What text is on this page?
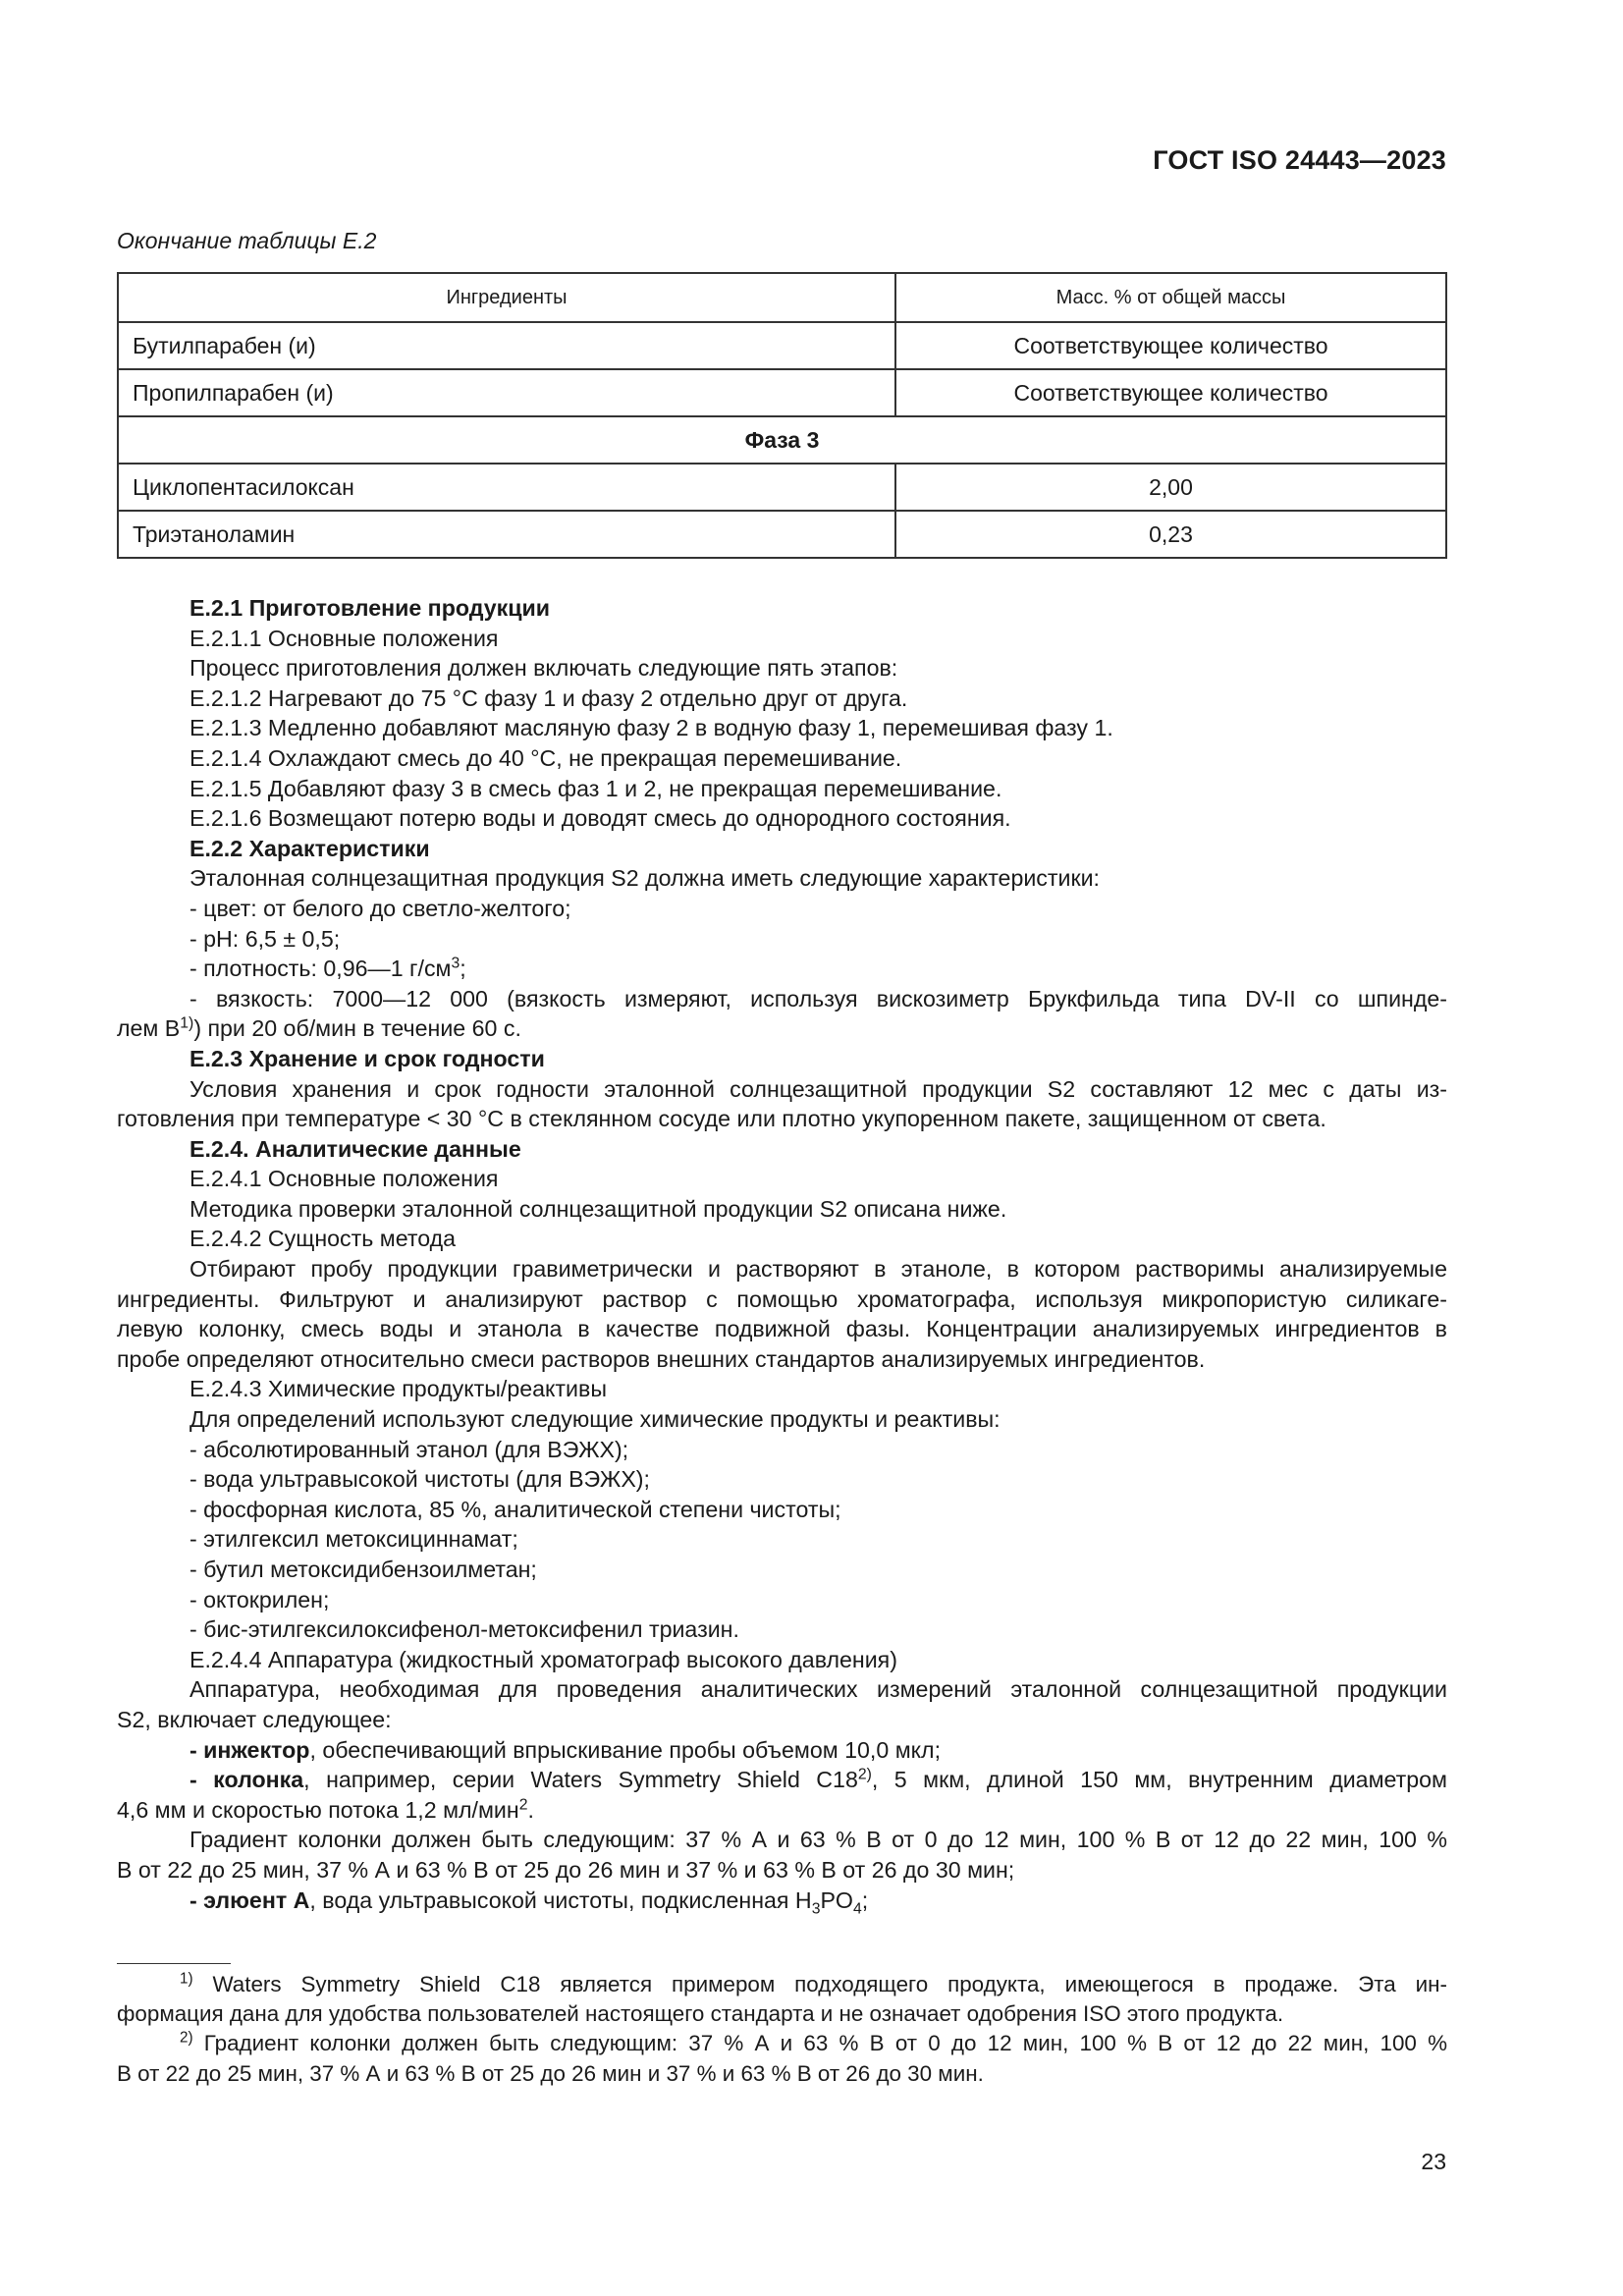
ГОСТ ISO 24443—2023
Окончание таблицы Е.2
Ингредиенты	Масс. % от общей массы
Бутилпарабен (и)	Соответствующее количество
Пропилпарабен (и)	Соответствующее количество
Фаза 3	
Циклопентасилоксан	2,00
Триэтаноламин	0,23

Е.2.1 Приготовление продукции

Е.2.1.1 Основные положения

Процесс приготовления должен включать следующие пять этапов:

Е.2.1.2 Нагревают до 75 °С фазу 1 и фазу 2 отдельно друг от друга.

Е.2.1.3 Медленно добавляют масляную фазу 2 в водную фазу 1, перемешивая фазу 1.

Е.2.1.4 Охлаждают смесь до 40 °С, не прекращая перемешивание.

Е.2.1.5 Добавляют фазу 3 в смесь фаз 1 и 2, не прекращая перемешивание.

Е.2.1.6 Возмещают потерю воды и доводят смесь до однородного состояния.

Е.2.2 Характеристики

Эталонная солнцезащитная продукция S2 должна иметь следующие характеристики:

- цвет: от белого до светло-желтого;

- рН: 6,5 ± 0,5;

- плотность: 0,96—1 $г/см^3$;

- вязкость: 7000—12 000 (вязкость измеряют, используя вискозиметр Брукфильда типа DV-II со шпинде-

лем $В^{1)}$) при 20 об/мин в течение 60 с.

Е.2.3 Хранение и срок годности

Условия хранения и срок годности эталонной солнцезащитной продукции S2 составляют 12 мес с даты из-

готовления при температуре < 30 °С в стеклянном сосуде или плотно укупоренном пакете, защищенном от света.

Е.2.4. Аналитические данные

Е.2.4.1 Основные положения

Методика проверки эталонной солнцезащитной продукции S2 описана ниже.

Е.2.4.2 Сущность метода

Отбирают пробу продукции гравиметрически и растворяют в этаноле, в котором растворимы анализируемые

ингредиенты. Фильтруют и анализируют раствор с помощью хроматографа, используя микропористую силикаге-

левую колонку, смесь воды и этанола в качестве подвижной фазы. Концентрации анализируемых ингредиентов в

пробе определяют относительно смеси растворов внешних стандартов анализируемых ингредиентов.

Е.2.4.3 Химические продукты/реактивы

Для определений используют следующие химические продукты и реактивы:

- абсолютированный этанол (для ВЭЖХ);

- вода ультравысокой чистоты (для ВЭЖХ);

- фосфорная кислота, 85 %, аналитической степени чистоты;

- этилгексил метоксициннамат;

- бутил метоксидибензоилметан;

- октокрилен;

- бис-этилгексилоксифенол-метоксифенил триазин.

Е.2.4.4 Аппаратура (жидкостный хроматограф высокого давления)

Аппаратура, необходимая для проведения аналитических измерений эталонной солнцезащитной продукции

S2, включает следующее:

- инжектор, обеспечивающий впрыскивание пробы объемом 10,0 мкл;

- колонка, например, серии Waters Symmetry Shield C18$^{2)}$, 5 мкм, длиной 150 мм, внутренним диаметром

4,6 мм и скоростью потока 1,2 мл/мин$^2$.

Градиент колонки должен быть следующим: 37 % А и 63 % В от 0 до 12 мин, 100 % В от 12 до 22 мин, 100 %

В от 22 до 25 мин, 37 % А и 63 % В от 25 до 26 мин и 37 % и 63 % В от 26 до 30 мин;

- элюент А, вода ультравысокой чистоты, подкисленная $H_3PO_4$;

$^{1)}$ Waters Symmetry Shield C18 является примером подходящего продукта, имеющегося в продаже. Эта ин-

формация дана для удобства пользователей настоящего стандарта и не означает одобрения ISO этого продукта.

$^{2)}$ Градиент колонки должен быть следующим: 37 % А и 63 % В от 0 до 12 мин, 100 % В от 12 до 22 мин, 100 %

В от 22 до 25 мин, 37 % А и 63 % В от 25 до 26 мин и 37 % и 63 % В от 26 до 30 мин.

23
